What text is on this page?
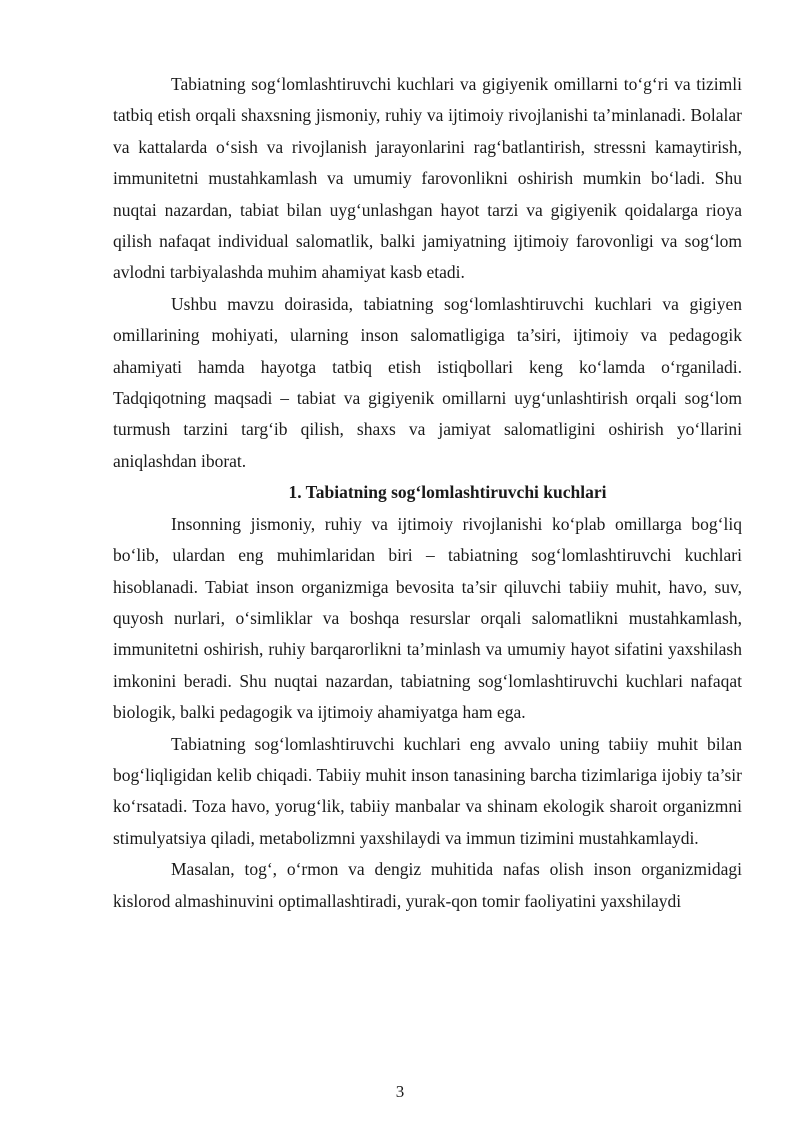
Tabiatning sog‘lomlashtiruvchi kuchlari va gigiyenik omillarni to‘g‘ri va tizimli tatbiq etish orqali shaxsning jismoniy, ruhiy va ijtimoiy rivojlanishi ta’minlanadi. Bolalar va kattalarda o‘sish va rivojlanish jarayonlarini rag‘batlantirish, stressni kamaytirish, immunitetni mustahkamlash va umumiy farovonlikni oshirish mumkin bo‘ladi. Shu nuqtai nazardan, tabiat bilan uyg‘unlashgan hayot tarzi va gigiyenik qoidalarga rioya qilish nafaqat individual salomatlik, balki jamiyatning ijtimoiy farovonligi va sog‘lom avlodni tarbiyalashda muhim ahamiyat kasb etadi.

Ushbu mavzu doirasida, tabiatning sog‘lomlashtiruvchi kuchlari va gigiyen omillarining mohiyati, ularning inson salomatligiga ta’siri, ijtimoiy va pedagogik ahamiyati hamda hayotga tatbiq etish istiqbollari keng ko‘lamda o‘rganiladi. Tadqiqotning maqsadi – tabiat va gigiyenik omillarni uyg‘unlashtirish orqali sog‘lom turmush tarzini targ‘ib qilish, shaxs va jamiyat salomatligini oshirish yo‘llarini aniqlashdan iborat.

1. Tabiatning sog‘lomlashtiruvchi kuchlari

Insonning jismoniy, ruhiy va ijtimoiy rivojlanishi ko‘plab omillarga bog‘liq bo‘lib, ulardan eng muhimlaridan biri – tabiatning sog‘lomlashtiruvchi kuchlari hisoblanadi. Tabiat inson organizmiga bevosita ta’sir qiluvchi tabiiy muhit, havo, suv, quyosh nurlari, o‘simliklar va boshqa resurslar orqali salomatlikni mustahkamlash, immunitetni oshirish, ruhiy barqarorlikni ta’minlash va umumiy hayot sifatini yaxshilash imkonini beradi. Shu nuqtai nazardan, tabiatning sog‘lomlashtiruvchi kuchlari nafaqat biologik, balki pedagogik va ijtimoiy ahamiyatga ham ega.

Tabiatning sog‘lomlashtiruvchi kuchlari eng avvalo uning tabiiy muhit bilan bog‘liqligidan kelib chiqadi. Tabiiy muhit inson tanasining barcha tizimlariga ijobiy ta’sir ko‘rsatadi. Toza havo, yorug‘lik, tabiiy manbalar va shinam ekologik sharoit organizmni stimulyatsiya qiladi, metabolizmni yaxshilaydi va immun tizimini mustahkamlaydi.

Masalan, tog‘, o‘rmon va dengiz muhitida nafas olish inson organizmidagi kislorod almashinuvini optimallashtiradi, yurak-qon tomir faoliyatini yaxshilaydi

3
